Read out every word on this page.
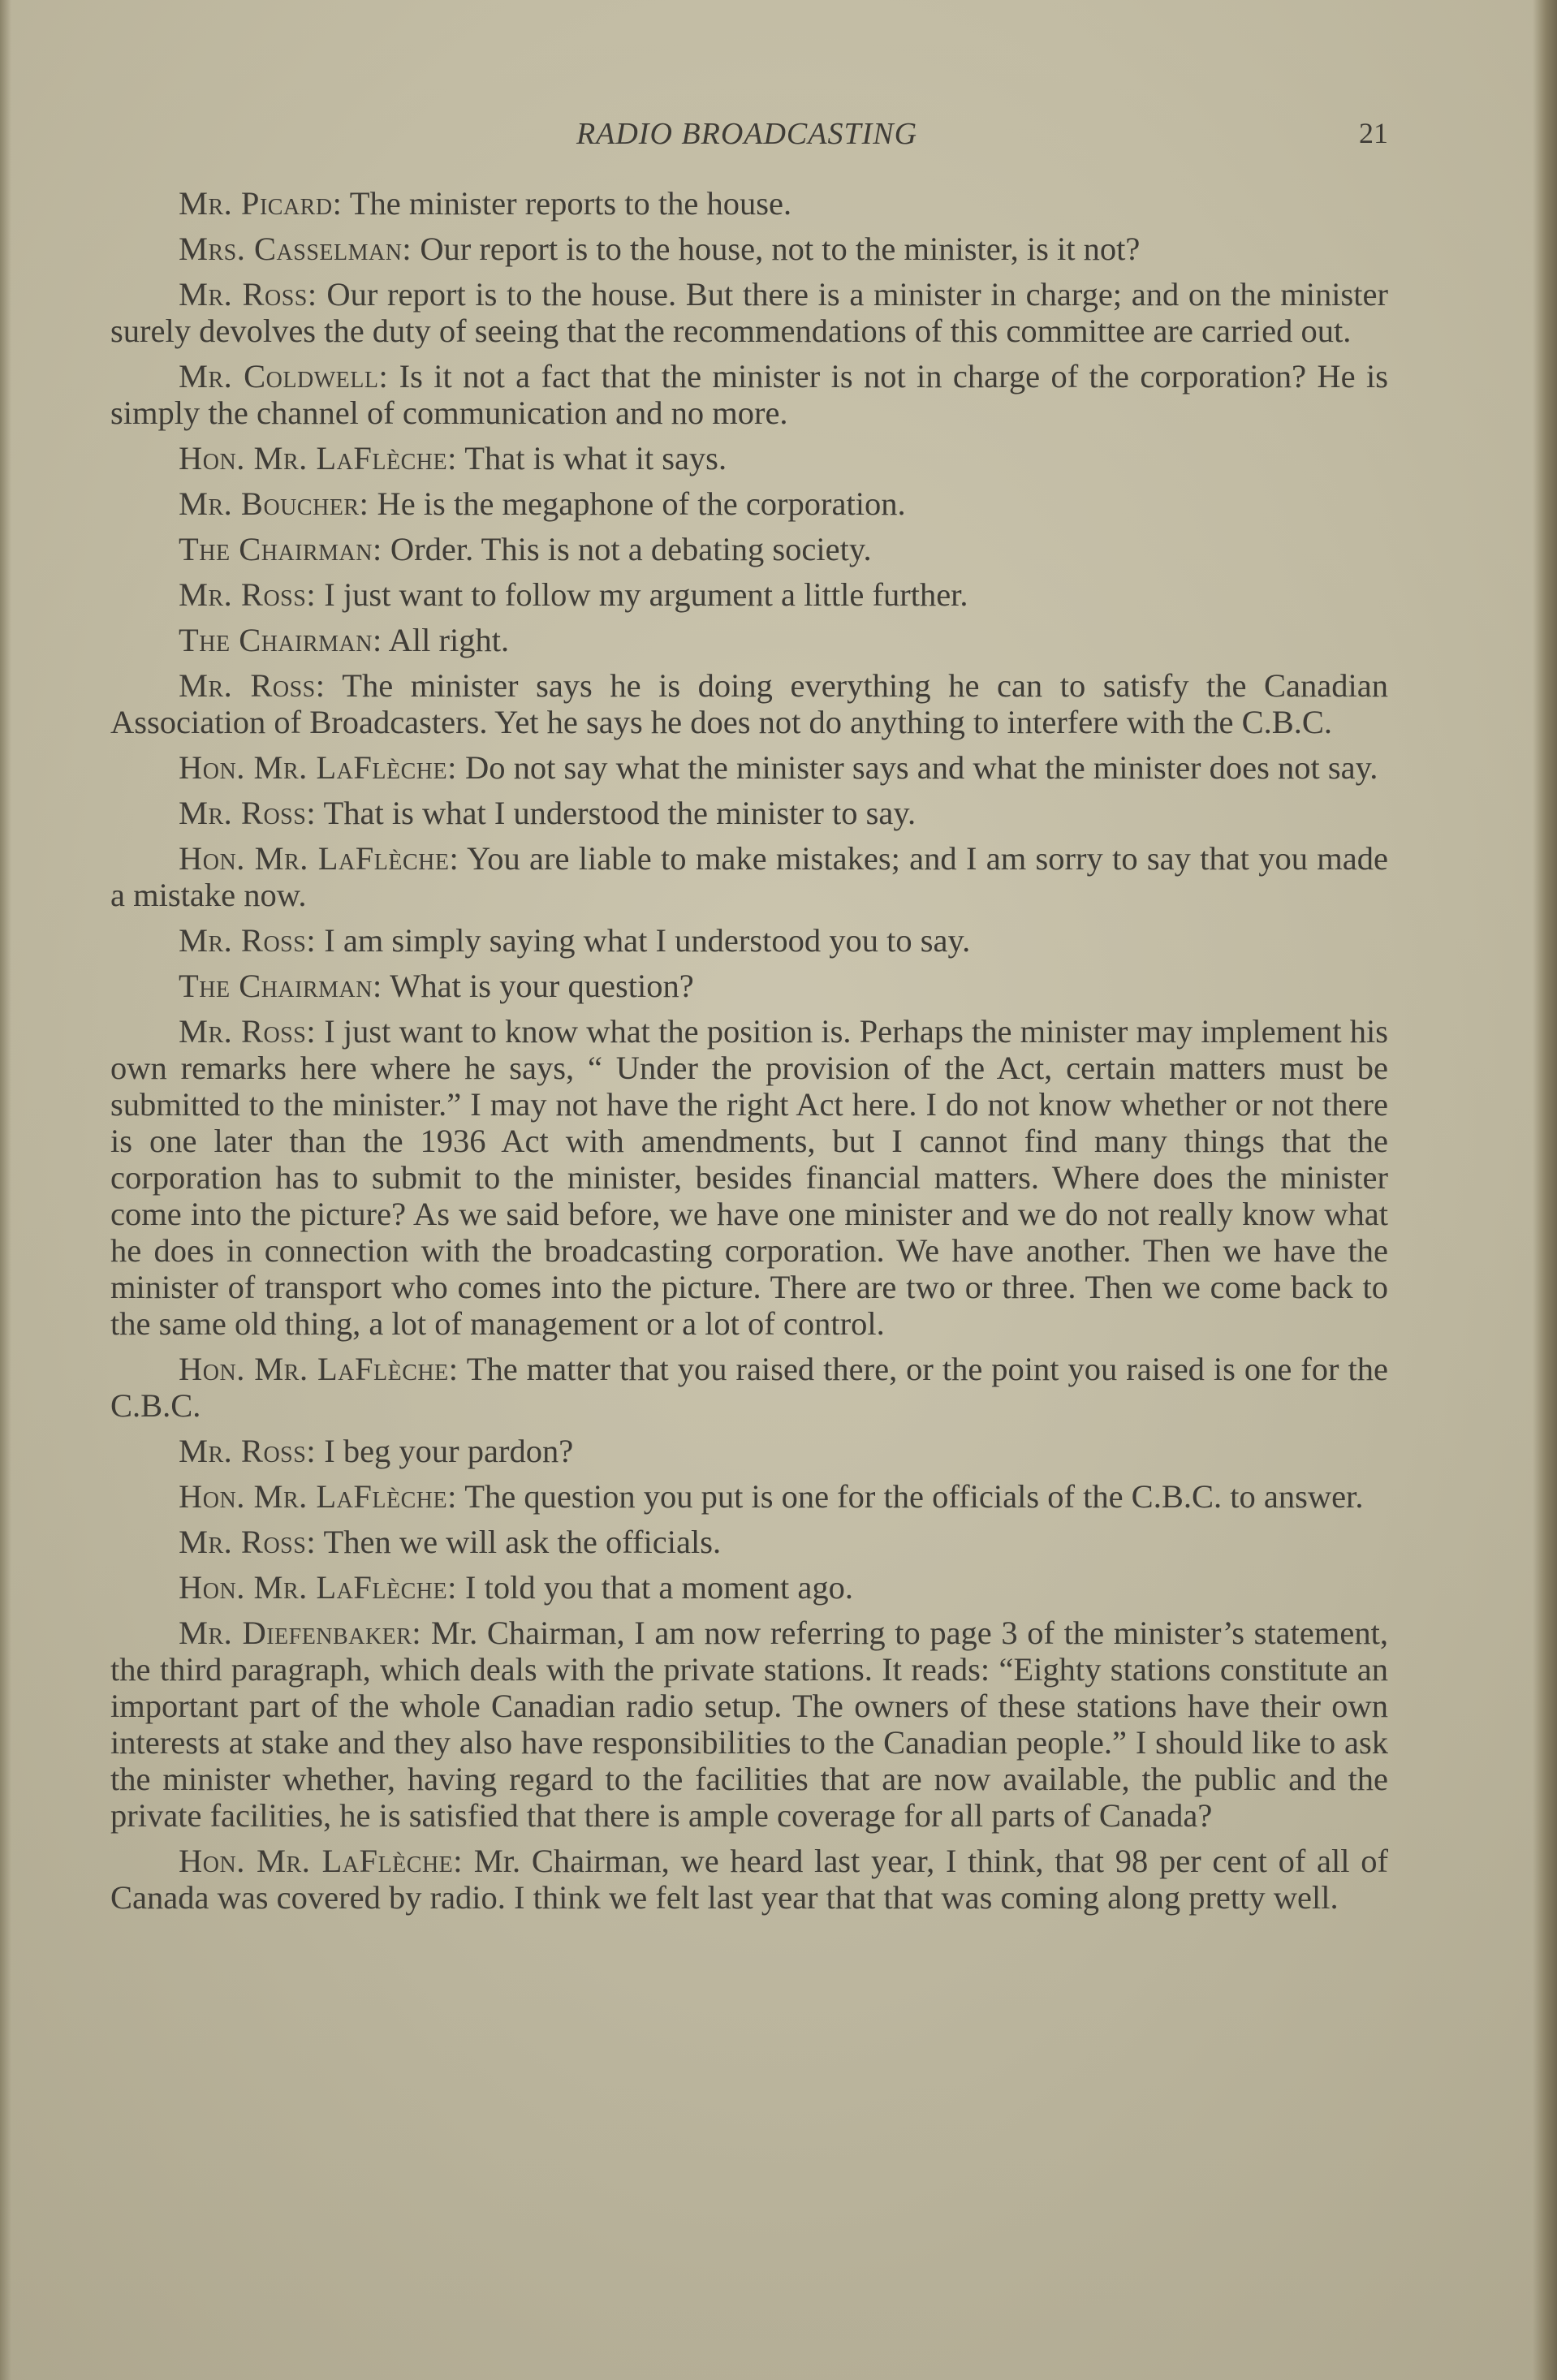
RADIO BROADCASTING	21

Mr. Picard: The minister reports to the house.

Mrs. Casselman: Our report is to the house, not to the minister, is it not?

Mr. Ross: Our report is to the house. But there is a minister in charge; and on the minister surely devolves the duty of seeing that the recommendations of this committee are carried out.

Mr. Coldwell: Is it not a fact that the minister is not in charge of the corporation? He is simply the channel of communication and no more.

Hon. Mr. LaFlèche: That is what it says.

Mr. Boucher: He is the megaphone of the corporation.

The Chairman: Order. This is not a debating society.

Mr. Ross: I just want to follow my argument a little further.

The Chairman: All right.

Mr. Ross: The minister says he is doing everything he can to satisfy the Canadian Association of Broadcasters. Yet he says he does not do anything to interfere with the C.B.C.

Hon. Mr. LaFlèche: Do not say what the minister says and what the minister does not say.

Mr. Ross: That is what I understood the minister to say.

Hon. Mr. LaFlèche: You are liable to make mistakes; and I am sorry to say that you made a mistake now.

Mr. Ross: I am simply saying what I understood you to say.

The Chairman: What is your question?

Mr. Ross: I just want to know what the position is. Perhaps the minister may implement his own remarks here where he says, “ Under the provision of the Act, certain matters must be submitted to the minister.” I may not have the right Act here. I do not know whether or not there is one later than the 1936 Act with amendments, but I cannot find many things that the corporation has to submit to the minister, besides financial matters. Where does the minister come into the picture? As we said before, we have one minister and we do not really know what he does in connection with the broadcasting corporation. We have another. Then we have the minister of transport who comes into the picture. There are two or three. Then we come back to the same old thing, a lot of management or a lot of control.

Hon. Mr. LaFlèche: The matter that you raised there, or the point you raised is one for the C.B.C.

Mr. Ross: I beg your pardon?

Hon. Mr. LaFlèche: The question you put is one for the officials of the C.B.C. to answer.

Mr. Ross: Then we will ask the officials.

Hon. Mr. LaFlèche: I told you that a moment ago.

Mr. Diefenbaker: Mr. Chairman, I am now referring to page 3 of the minister’s statement, the third paragraph, which deals with the private stations. It reads: “Eighty stations constitute an important part of the whole Canadian radio setup. The owners of these stations have their own interests at stake and they also have responsibilities to the Canadian people.” I should like to ask the minister whether, having regard to the facilities that are now available, the public and the private facilities, he is satisfied that there is ample coverage for all parts of Canada?

Hon. Mr. LaFlèche: Mr. Chairman, we heard last year, I think, that 98 per cent of all of Canada was covered by radio. I think we felt last year that that was coming along pretty well.
